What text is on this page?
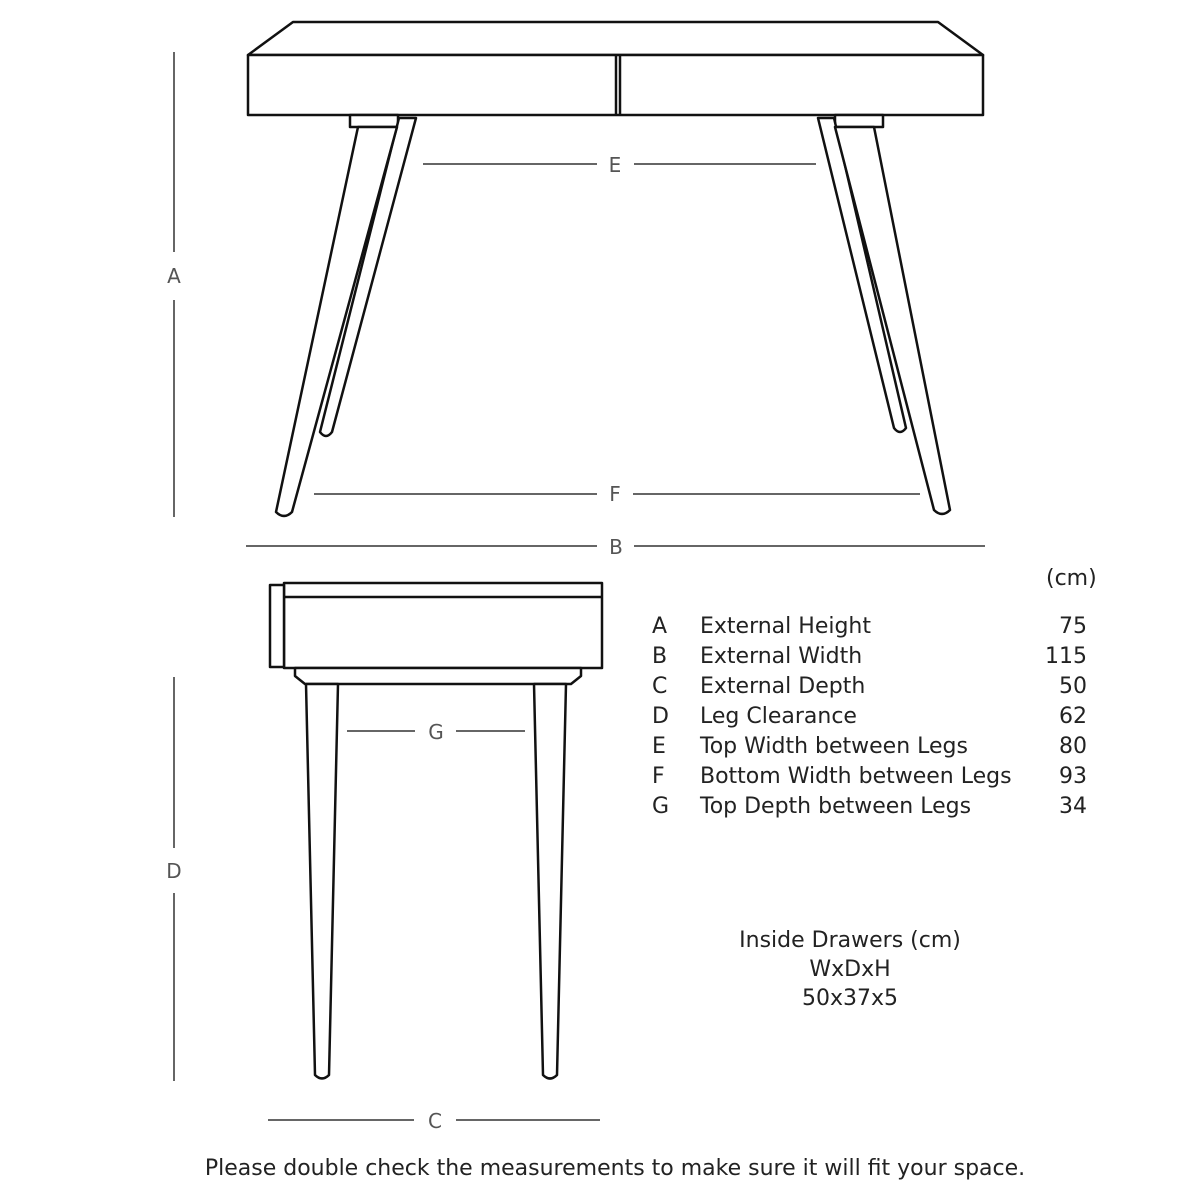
A
E
F
B
D
G
C
(cm)
A	External Height	75
B	External Width	115
C	External Depth	50
D	Leg Clearance	62
E	Top Width between Legs	80
F	Bottom Width between Legs	93
G	Top Depth between Legs	34
Inside Drawers (cm)
WxDxH
50x37x5
Please double check the measurements to make sure it will fit your space.
